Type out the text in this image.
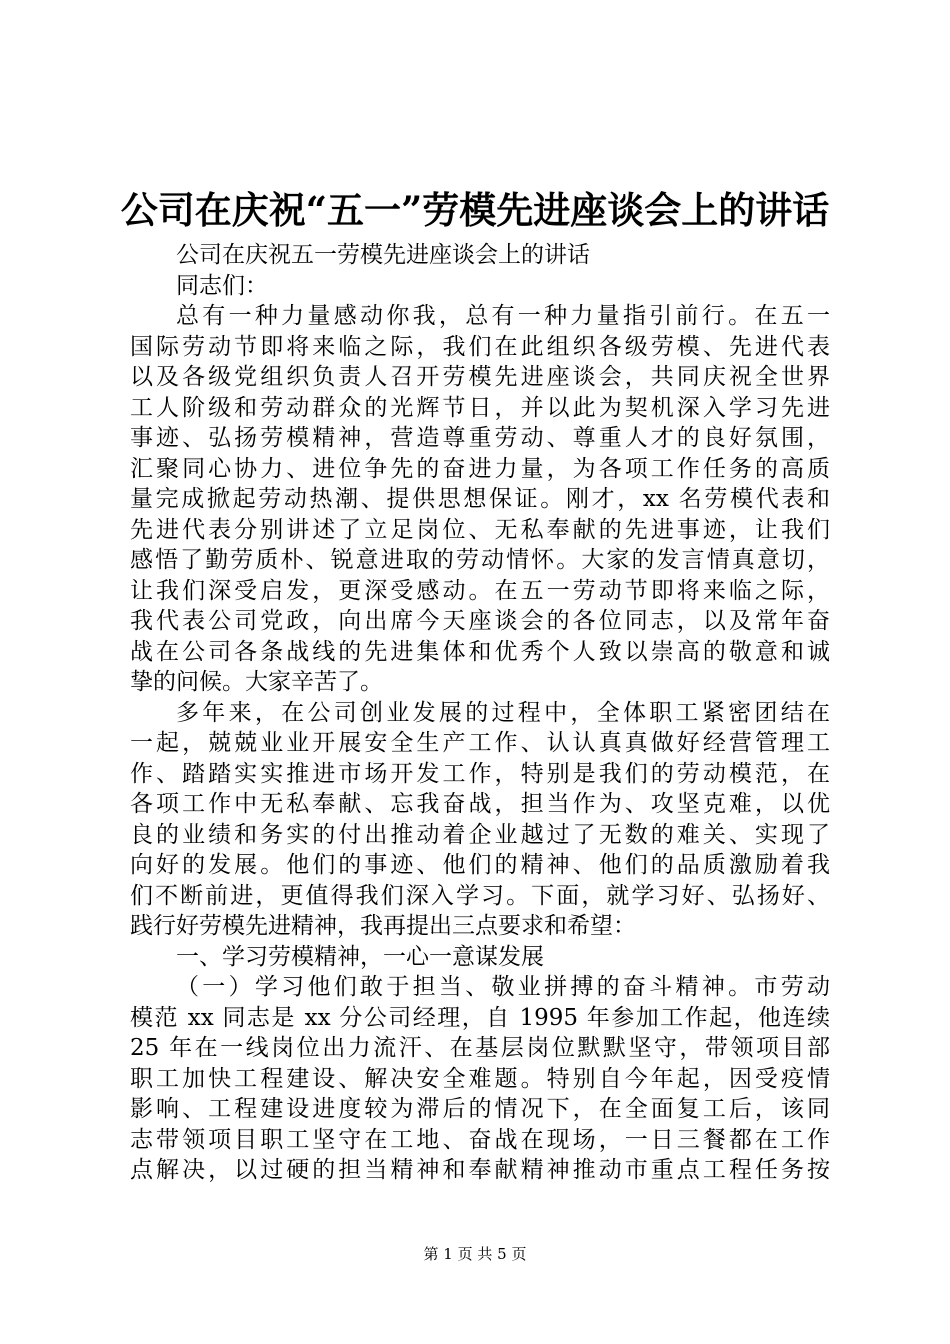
公司在庆祝“五一”劳模先进座谈会上的讲话
公司在庆祝五一劳模先进座谈会上的讲话
同志们：
总有一种力量感动你我，总有一种力量指引前行。在五一
国际劳动节即将来临之际，我们在此组织各级劳模、先进代表
以及各级党组织负责人召开劳模先进座谈会，共同庆祝全世界
工人阶级和劳动群众的光辉节日，并以此为契机深入学习先进
事迹、弘扬劳模精神，营造尊重劳动、尊重人才的良好氛围，
汇聚同心协力、进位争先的奋进力量，为各项工作任务的高质
量完成掀起劳动热潮、提供思想保证。刚才，xx 名劳模代表和
先进代表分别讲述了立足岗位、无私奉献的先进事迹，让我们
感悟了勤劳质朴、锐意进取的劳动情怀。大家的发言情真意切，
让我们深受启发，更深受感动。在五一劳动节即将来临之际，
我代表公司党政，向出席今天座谈会的各位同志，以及常年奋
战在公司各条战线的先进集体和优秀个人致以崇高的敬意和诚
挚的问候。大家辛苦了。
多年来，在公司创业发展的过程中，全体职工紧密团结在
一起，兢兢业业开展安全生产工作、认认真真做好经营管理工
作、踏踏实实推进市场开发工作，特别是我们的劳动模范，在
各项工作中无私奉献、忘我奋战，担当作为、攻坚克难，以优
良的业绩和务实的付出推动着企业越过了无数的难关、实现了
向好的发展。他们的事迹、他们的精神、他们的品质激励着我
们不断前进，更值得我们深入学习。下面，就学习好、弘扬好、
践行好劳模先进精神，我再提出三点要求和希望：
一、学习劳模精神，一心一意谋发展
（一）学习他们敢于担当、敬业拼搏的奋斗精神。市劳动
模范 xx 同志是 xx 分公司经理，自 1995 年参加工作起，他连续
25 年在一线岗位出力流汗、在基层岗位默默坚守，带领项目部
职工加快工程建设、解决安全难题。特别自今年起，因受疫情
影响、工程建设进度较为滞后的情况下，在全面复工后，该同
志带领项目职工坚守在工地、奋战在现场，一日三餐都在工作
点解决，以过硬的担当精神和奉献精神推动市重点工程任务按
第 1 页 共 5 页
